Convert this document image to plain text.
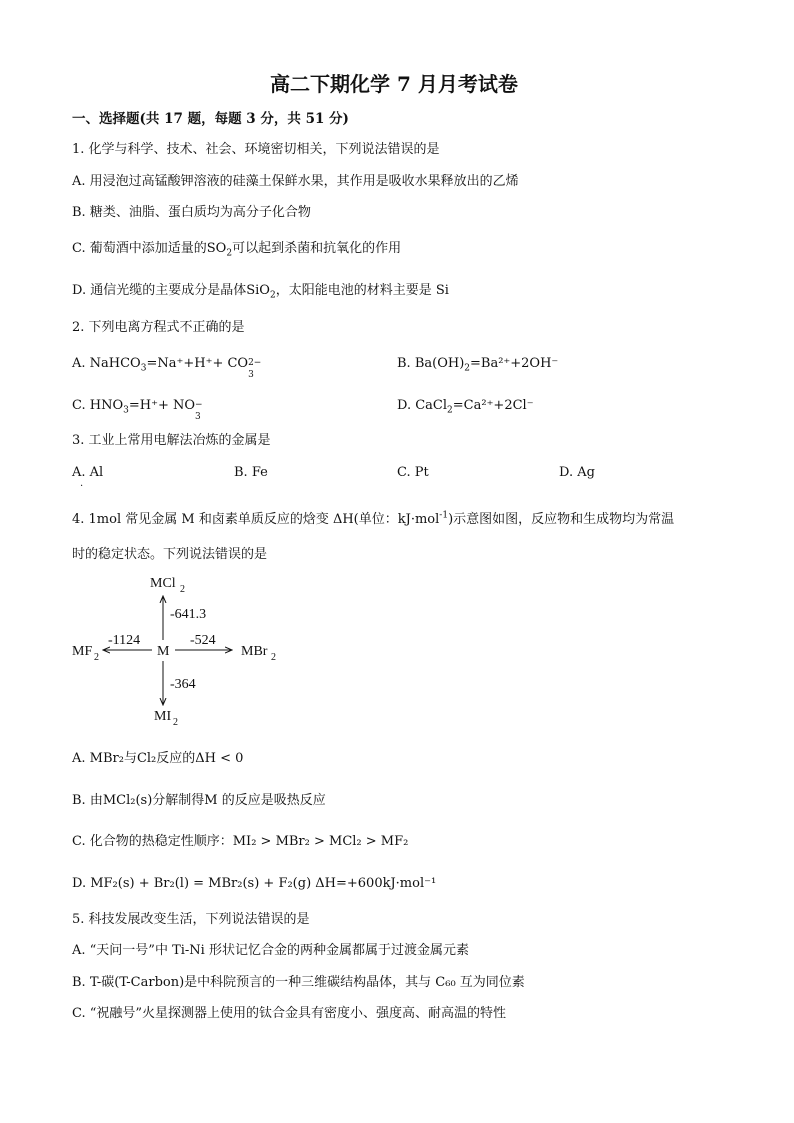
高二下期化学 7 月月考试卷
一、选择题(共 17 题，每题 3 分，共 51 分)
1. 化学与科学、技术、社会、环境密切相关，下列说法错误的是
A. 用浸泡过高锰酸钾溶液的硅藻土保鲜水果，其作用是吸收水果释放出的乙烯
B. 糖类、油脂、蛋白质均为高分子化合物
C. 葡萄酒中添加适量的$SO_2$可以起到杀菌和抗氧化的作用
D. 通信光缆的主要成分是晶体SiO$_2$，太阳能电池的材料主要是 Si
2. 下列电离方程式不正确的是
A. NaHCO$_3$=Na⁺+H⁺+ CO 2−
3
B. $Ba(OH)_2=Ba^{2+}+2OH^-$
C. $HNO_3=H^++$ NO −
3
D. CaCl$_2$=Ca²⁺+2Cl⁻
3. 工业上常用电解法冶炼的金属是
A. Al	B. Fe	C. Pt	D. Ag
.
4. 1mol 常见金属 M 和卤素单质反应的焓变 ΔH(单位：kJ·mol$^{-1}$)示意图如图，反应物和生成物均为常温
时的稳定状态。下列说法错误的是
M
MCl 2
-641.3
MBr 2
-524
MF 2
-1124
MI 2
-364
A. MBr₂与Cl₂反应的ΔH < 0
B. 由MCl₂(s)分解制得M 的反应是吸热反应
C. 化合物的热稳定性顺序：MI₂ > MBr₂ > MCl₂ > MF₂
D. MF₂(s) + Br₂(l) = MBr₂(s) + F₂(g) ΔH=+600kJ·mol⁻¹
5. 科技发展改变生活，下列说法错误的是
A. “天问一号”中 Ti-Ni 形状记忆合金的两种金属都属于过渡金属元素
B. T-碳(T-Carbon)是中科院预言的一种三维碳结构晶体，其与 C₆₀ 互为同位素
C. “祝融号”火星探测器上使用的钛合金具有密度小、强度高、耐高温的特性
